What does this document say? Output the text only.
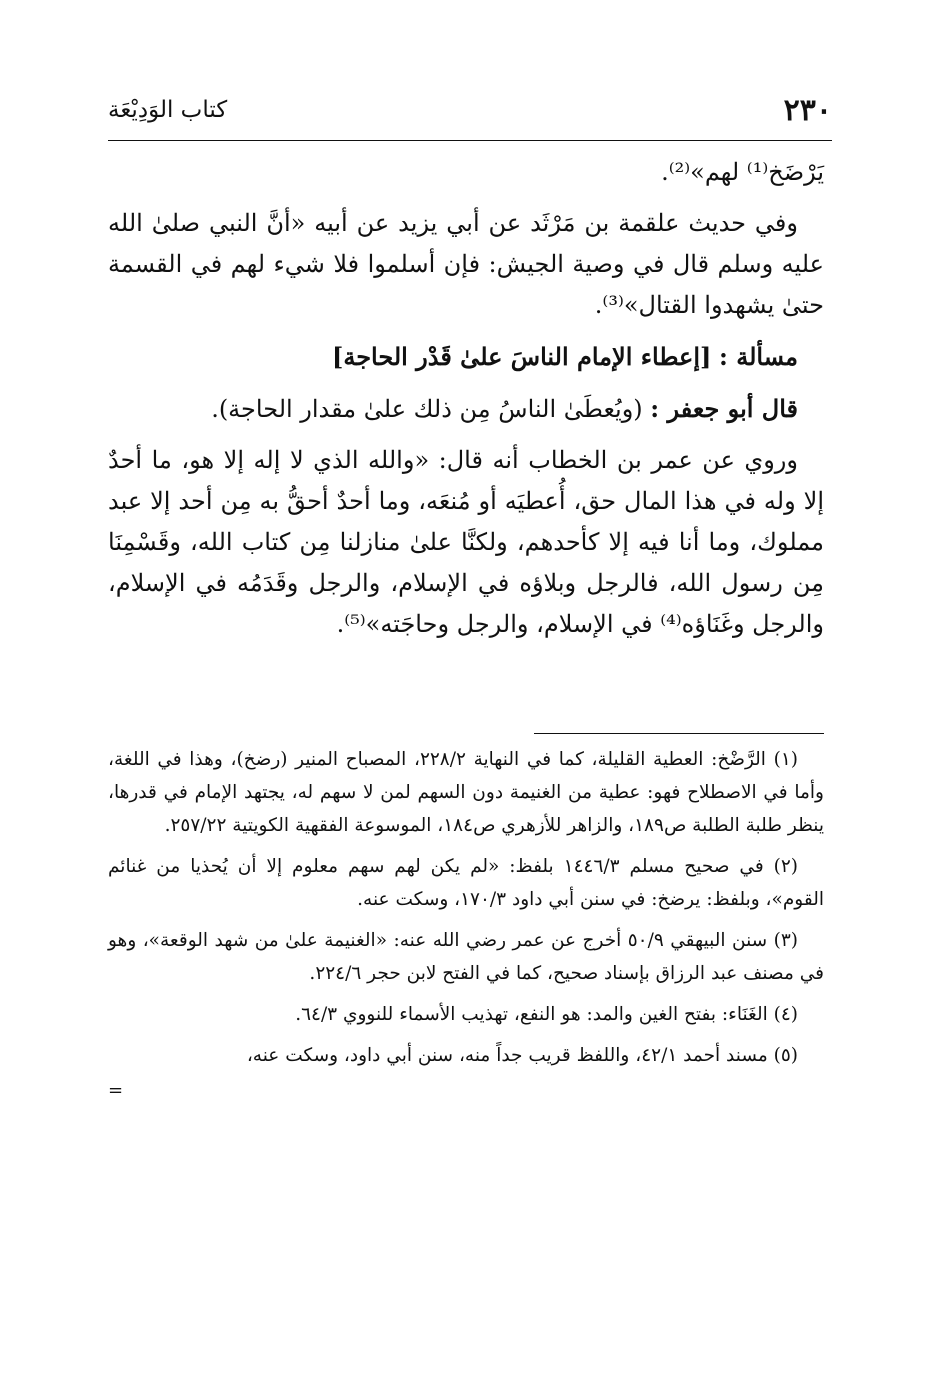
٢٣٠
كتاب الوَدِيْعَة

يَرْضَخ⁽¹⁾ لهم»⁽²⁾.

وفي حديث علقمة بن مَرْثَد عن أبي يزيد عن أبيه «أنَّ النبي صلىٰ الله عليه وسلم قال في وصية الجيش: فإن أسلموا فلا شيء لهم في القسمة حتىٰ يشهدوا القتال»⁽³⁾.

مسألة : [إعطاء الإمام الناسَ علىٰ قَدْر الحاجة]

قال أبو جعفر : (ويُعطَىٰ الناسُ مِن ذلك علىٰ مقدار الحاجة).

وروي عن عمر بن الخطاب أنه قال: «والله الذي لا إله إلا هو، ما أحدٌ إلا وله في هذا المال حق، أُعطيَه أو مُنعَه، وما أحدٌ أحقُّ به مِن أحد إلا عبد مملوك، وما أنا فيه إلا كأحدهم، ولكنَّا علىٰ منازلنا مِن كتاب الله، وقَسْمِنَا مِن رسول الله، فالرجل وبلاؤه في الإسلام، والرجل وقَدَمُه في الإسلام، والرجل وغَنَاؤه⁽⁴⁾ في الإسلام، والرجل وحاجَته»⁽⁵⁾.

(١) الرَّضْخ: العطية القليلة، كما في النهاية ٢٢٨/٢، المصباح المنير (رضخ)، وهذا في اللغة، وأما في الاصطلاح فهو: عطية من الغنيمة دون السهم لمن لا سهم له، يجتهد الإمام في قدرها، ينظر طلبة الطلبة ص١٨٩، والزاهر للأزهري ص١٨٤، الموسوعة الفقهية الكويتية ٢٥٧/٢٢.

(٢) في صحيح مسلم ١٤٤٦/٣ بلفظ: «لم يكن لهم سهم معلوم إلا أن يُحذيا من غنائم القوم»، وبلفظ: يرضخ: في سنن أبي داود ١٧٠/٣، وسكت عنه.

(٣) سنن البيهقي ٥٠/٩ أخرج عن عمر رضي الله عنه: «الغنيمة علىٰ من شهد الوقعة»، وهو في مصنف عبد الرزاق بإسناد صحيح، كما في الفتح لابن حجر ٢٢٤/٦.

(٤) الغَنَاء: بفتح الغين والمد: هو النفع، تهذيب الأسماء للنووي ٦٤/٣.

(٥) مسند أحمد ٤٢/١، واللفظ قريب جداً منه، سنن أبي داود، وسكت عنه،

=
